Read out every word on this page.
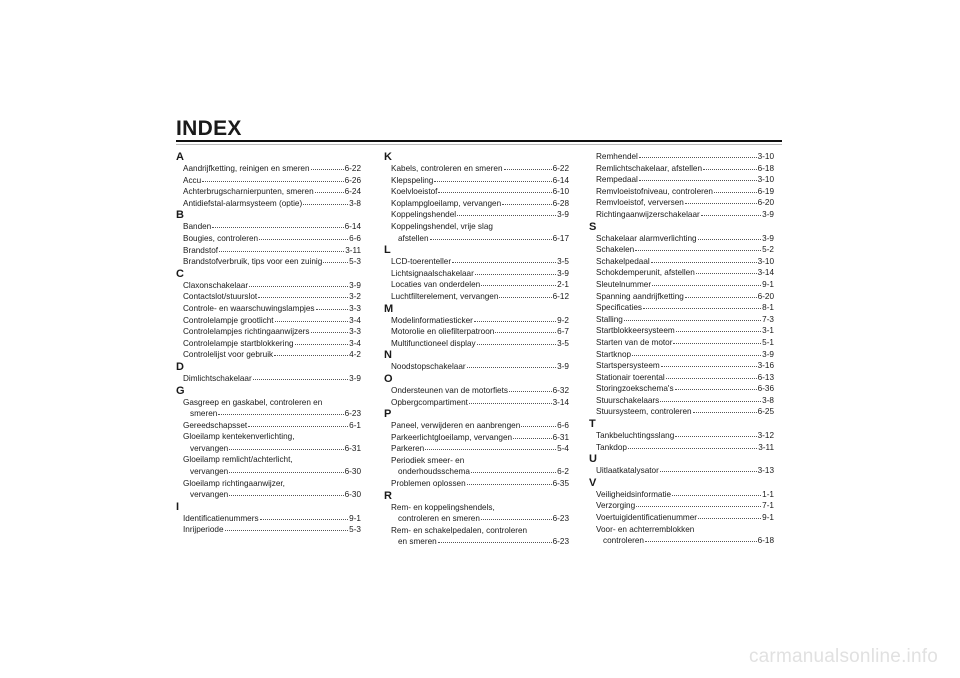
INDEX
A
Aandrijfketting, reinigen en smeren	6-22
Accu	6-26
Achterbrugscharnierpunten, smeren	6-24
Antidiefstal-alarmsysteem (optie)	3-8
B
Banden	6-14
Bougies, controleren	6-6
Brandstof	3-11
Brandstofverbruik, tips voor een zuinig	5-3
C
Claxonschakelaar	3-9
Contactslot/stuurslot	3-2
Controle- en waarschuwingslampjes	3-3
Controlelampje grootlicht	3-4
Controlelampjes richtingaanwijzers	3-3
Controlelampje startblokkering	3-4
Controlelijst voor gebruik	4-2
D
Dimlichtschakelaar	3-9
G
Gasgreep en gaskabel, controleren en
smeren	6-23
Gereedschapsset	6-1
Gloeilamp kentekenverlichting,
vervangen	6-31
Gloeilamp remlicht/achterlicht,
vervangen	6-30
Gloeilamp richtingaanwijzer,
vervangen	6-30
I
Identificatienummers	9-1
Inrijperiode	5-3
K
Kabels, controleren en smeren	6-22
Klepspeling	6-14
Koelvloeistof	6-10
Koplampgloeilamp, vervangen	6-28
Koppelingshendel	3-9
Koppelingshendel, vrije slag
afstellen	6-17
L
LCD-toerenteller	3-5
Lichtsignaalschakelaar	3-9
Locaties van onderdelen	2-1
Luchtfilterelement, vervangen	6-12
M
Modelinformatiesticker	9-2
Motorolie en oliefilterpatroon	6-7
Multifunctioneel display	3-5
N
Noodstopschakelaar	3-9
O
Ondersteunen van de motorfiets	6-32
Opbergcompartiment	3-14
P
Paneel, verwijderen en aanbrengen	6-6
Parkeerlichtgloeilamp, vervangen	6-31
Parkeren	5-4
Periodiek smeer- en
onderhoudsschema	6-2
Problemen oplossen	6-35
R
Rem- en koppelingshendels,
controleren en smeren	6-23
Rem- en schakelpedalen, controleren
en smeren	6-23
Remhendel	3-10
Remlichtschakelaar, afstellen	6-18
Rempedaal	3-10
Remvloeistofniveau, controleren	6-19
Remvloeistof, verversen	6-20
Richtingaanwijzerschakelaar	3-9
S
Schakelaar alarmverlichting	3-9
Schakelen	5-2
Schakelpedaal	3-10
Schokdemperunit, afstellen	3-14
Sleutelnummer	9-1
Spanning aandrijfketting	6-20
Specificaties	8-1
Stalling	7-3
Startblokkeersysteem	3-1
Starten van de motor	5-1
Startknop	3-9
Startspersysteem	3-16
Stationair toerental	6-13
Storingzoekschema's	6-36
Stuurschakelaars	3-8
Stuursysteem, controleren	6-25
T
Tankbeluchtingsslang	3-12
Tankdop	3-11
U
Uitlaatkatalysator	3-13
V
Veiligheidsinformatie	1-1
Verzorging	7-1
Voertuigidentificatienummer	9-1
Voor- en achterremblokken
controleren	6-18
carmanualsonline.info
